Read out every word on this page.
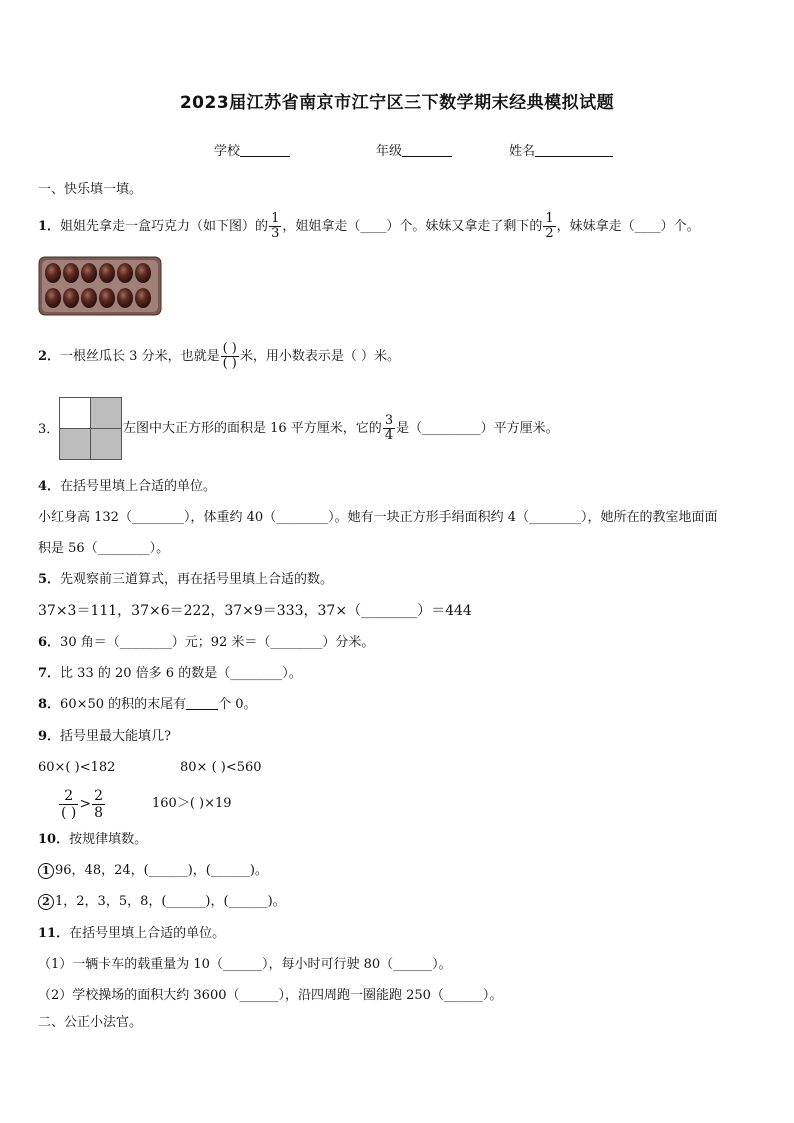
2023届江苏省南京市江宁区三下数学期末经典模拟试题
学校	年级	姓名
一、快乐填一填。
1．姐姐先拿走一盒巧克力（如下图）的 $\frac{1}{3}$ ，姐姐拿走（____）个。妹妹又拿走了剩下的 $\frac{1}{2}$ ，妹妹拿走（____）个。
2．一根丝瓜长 3 分米，也就是 $\frac{( )}{( )}$ 米，用小数表示是（ ）米。
3．	左图中大正方形的面积是 16 平方厘米，它的 $\frac{3}{4}$ 是（_________）平方厘米。
4．在括号里填上合适的单位。
小红身高 132（________），体重约 40（________）。她有一块正方形手绢面积约 4（________），她所在的教室地面面
积是 56（________）。
5．先观察前三道算式，再在括号里填上合适的数。
37×3＝111，37×6＝222，37×9＝333，37×（________）＝444
6．30 角＝（________）元；92 米＝（________）分米。
7．比 33 的 20 倍多 6 的数是（________）。
8．60×50 的积的末尾有 个 0。
9．括号里最大能填几?
60×( )<182	80× ( )<560
$\frac{2}{( )} > \frac{2}{8}$	160＞( )×19
10．按规律填数。
1 96，48，24，(______)，(______)。
2 1，2，3，5，8，(______)，(______)。
11．在括号里填上合适的单位。
（1）一辆卡车的载重量为 10（______），每小时可行驶 80（______）。
（2）学校操场的面积大约 3600（______），沿四周跑一圈能跑 250（______）。
二、公正小法官。
